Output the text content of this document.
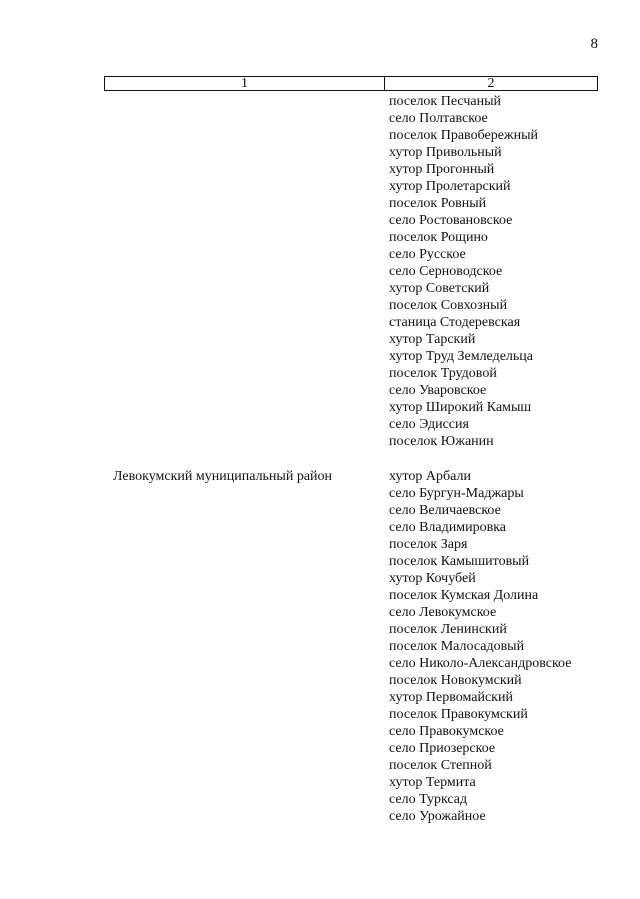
8
1	2
поселок Песчаный
село Полтавское
поселок Правобережный
хутор Привольный
хутор Прогонный
хутор Пролетарский
поселок Ровный
село Ростовановское
поселок Рощино
село Русское
село Серноводское
хутор Советский
поселок Совхозный
станица Стодеревская
хутор Тарский
хутор Труд Земледельца
поселок Трудовой
село Уваровское
хутор Широкий Камыш
село Эдиссия
поселок Южанин
Левокумский муниципальный район	хутор Арбали
село Бургун-Маджары
село Величаевское
село Владимировка
поселок Заря
поселок Камышитовый
хутор Кочубей
поселок Кумская Долина
село Левокумское
поселок Ленинский
поселок Малосадовый
село Николо-Александровское
поселок Новокумский
хутор Первомайский
поселок Правокумский
село Правокумское
село Приозерское
поселок Степной
хутор Термита
село Турксад
село Урожайное
